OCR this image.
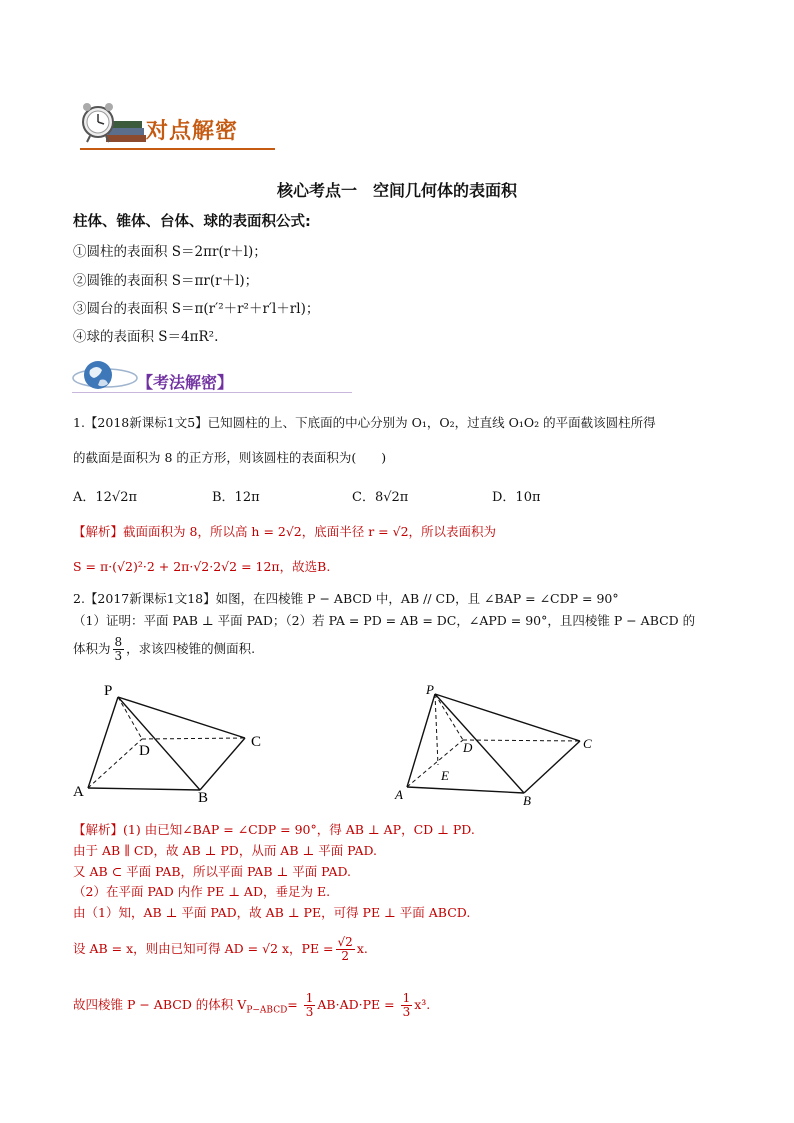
对点解密
核心考点一　空间几何体的表面积
柱体、锥体、台体、球的表面积公式:
①圆柱的表面积 S＝2πr(r＋l)；
②圆锥的表面积 S＝πr(r＋l)；
③圆台的表面积 S＝π(r′²＋r²＋r′l＋rl)；
④球的表面积 S＝4πR².
【考法解密】
1.【2018新课标1文5】已知圆柱的上、下底面的中心分别为 O₁，O₂，过直线 O₁O₂ 的平面截该圆柱所得
的截面是面积为 8 的正方形，则该圆柱的表面积为(　　)
A．12√2π	B．12π	C．8√2π	D．10π
【解析】截面面积为 8，所以高 h = 2√2，底面半径 r = √2，所以表面积为
S = π·(√2)²·2 + 2π·√2·2√2 = 12π，故选B.
2.【2017新课标1文18】如图，在四棱锥 P − ABCD 中，AB // CD，且 ∠BAP = ∠CDP = 90°
（1）证明：平面 PAB ⊥ 平面 PAD；（2）若 PA = PD = AB = DC，∠APD = 90°，且四棱锥 P − ABCD 的
体积为 $\frac{8}{3}$ ，求该四棱锥的侧面积.
P
D
C
A	B
P
D	C
E
A	B
【解析】(1) 由已知∠BAP = ∠CDP = 90°，得 AB ⊥ AP，CD ⊥ PD.
由于 AB ∥ CD，故 AB ⊥ PD，从而 AB ⊥ 平面 PAD.
又 AB ⊂ 平面 PAB，所以平面 PAB ⊥ 平面 PAD.
（2）在平面 PAD 内作 PE ⊥ AD，垂足为 E.
由（1）知，AB ⊥ 平面 PAD，故 AB ⊥ PE，可得 PE ⊥ 平面 ABCD.
设 AB = x，则由已知可得 AD = √2 x，PE = $\frac{√2}{2} x$.
故四棱锥 P − ABCD 的体积 $V_{P-ABCD}= \frac{1}{3} AB\cdot AD\cdot PE = \frac{1}{3} x^3$.
